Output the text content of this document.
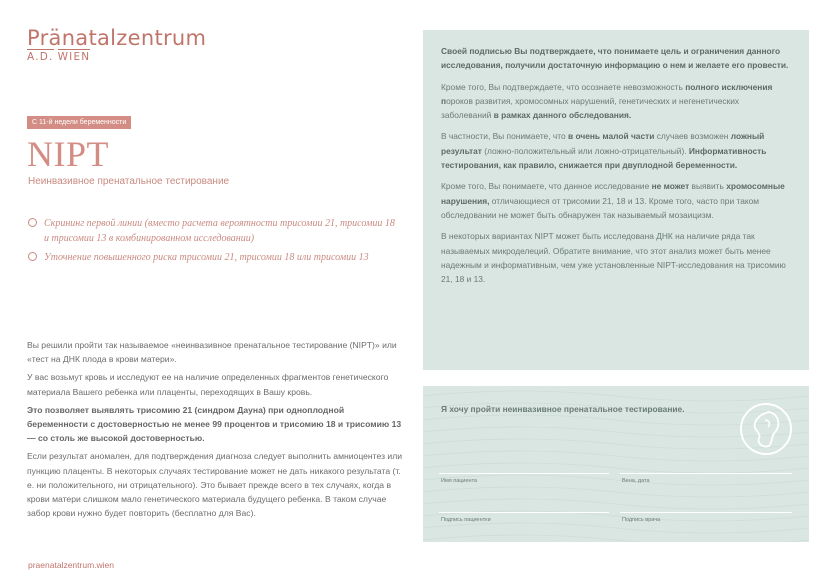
Pränatalzentrum
A.D. WIEN
С 11-й недели беременности
NIPT
Неинвазивное пренатальное тестирование
Скрининг первой линии (вместо расчета вероятности трисомии 21, трисомии 18 и трисомии 13 в комбинированном исследовании)
Уточнение повышенного риска трисомии 21, трисомии 18 или трисомии 13

Вы решили пройти так называемое «неинвазивное пренатальное тестирование (NIPT)» или «тест на ДНК плода в крови матери».

У вас возьмут кровь и исследуют ее на наличие определенных фрагментов генетического материала Вашего ребенка или плаценты, переходящих в Вашу кровь.

Это позволяет выявлять трисомию 21 (синдром Дауна) при одноплодной беременности с достоверностью не менее 99 процентов и трисомию 18 и трисомию 13 — со столь же высокой достоверностью.

Если результат аномален, для подтверждения диагноза следует выполнить амниоцентез или пункцию плаценты. В некоторых случаях тестирование может не дать никакого результата (т. е. ни положительного, ни отрицательного). Это бывает прежде всего в тех случаях, когда в крови матери слишком мало генетического материала будущего ребенка. В таком случае забор крови нужно будет повторить (бесплатно для Вас).

praenatalzentrum.wien

Своей подписью Вы подтверждаете, что понимаете цель и ограничения данного исследования, получили достаточную информацию о нем и желаете его провести.

Кроме того, Вы подтверждаете, что осознаете невозможность полного исключения пороков развития, хромосомных нарушений, генетических и негенетических заболеваний в рамках данного обследования.

В частности, Вы понимаете, что в очень малой части случаев возможен ложный результат (ложно-положительный или ложно-отрицательный). Информативность тестирования, как правило, снижается при двуплодной беременности.

Кроме того, Вы понимаете, что данное исследование не может выявить хромосомные нарушения, отличающиеся от трисомии 21, 18 и 13. Кроме того, часто при таком обследовании не может быть обнаружен так называемый мозаицизм.

В некоторых вариантах NIPT может быть исследована ДНК на наличие ряда так называемых микроделеций. Обратите внимание, что этот анализ может быть менее надежным и информативным, чем уже установленные NIPT-исследования на трисомию 21, 18 и 13.

Я хочу пройти неинвазивное пренатальное тестирование.
Имя пациента	Вена, дата
Подпись пациентки	Подпись врача
